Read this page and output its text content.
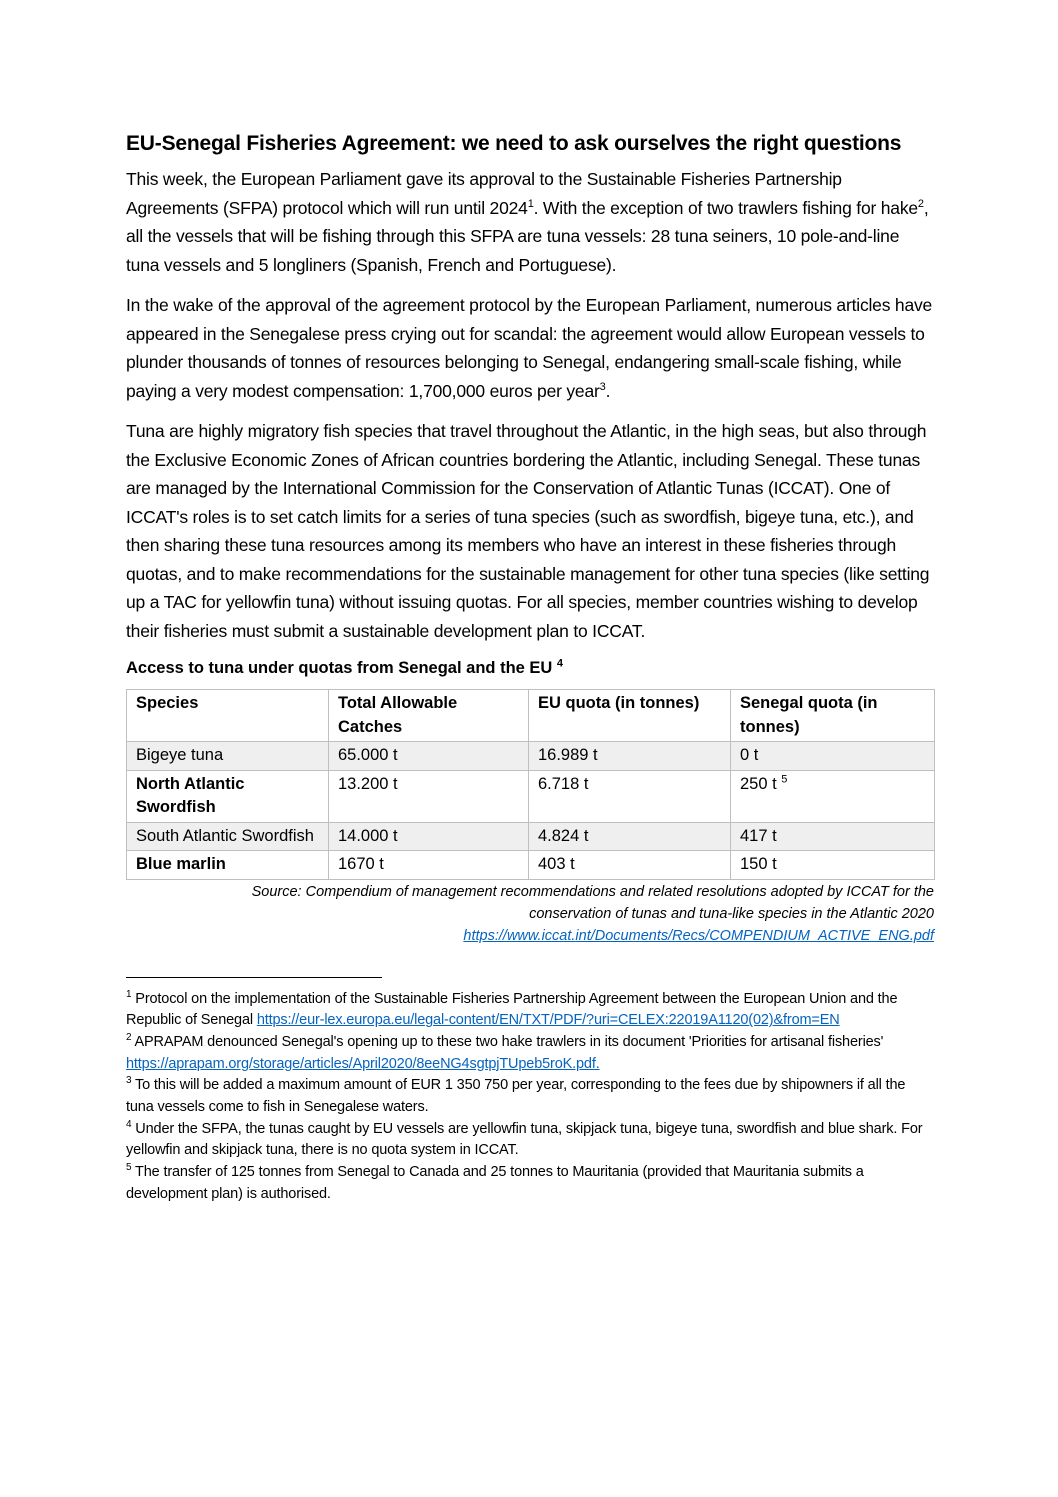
EU-Senegal Fisheries Agreement: we need to ask ourselves the right questions

This week, the European Parliament gave its approval to the Sustainable Fisheries Partnership Agreements (SFPA) protocol which will run until 2024$^1$. With the exception of two trawlers fishing for hake$^2$, all the vessels that will be fishing through this SFPA are tuna vessels: 28 tuna seiners, 10 pole-and-line tuna vessels and 5 longliners (Spanish, French and Portuguese).

In the wake of the approval of the agreement protocol by the European Parliament, numerous articles have appeared in the Senegalese press crying out for scandal: the agreement would allow European vessels to plunder thousands of tonnes of resources belonging to Senegal, endangering small-scale fishing, while paying a very modest compensation: 1,700,000 euros per year$^3$.

Tuna are highly migratory fish species that travel throughout the Atlantic, in the high seas, but also through the Exclusive Economic Zones of African countries bordering the Atlantic, including Senegal. These tunas are managed by the International Commission for the Conservation of Atlantic Tunas (ICCAT). One of ICCAT's roles is to set catch limits for a series of tuna species (such as swordfish, bigeye tuna, etc.), and then sharing these tuna resources among its members who have an interest in these fisheries through quotas, and to make recommendations for the sustainable management for other tuna species (like setting up a TAC for yellowfin tuna) without issuing quotas. For all species, member countries wishing to develop their fisheries must submit a sustainable development plan to ICCAT.

Access to tuna under quotas from Senegal and the EU $^4$
Species	Total Allowable Catches	EU quota (in tonnes)	Senegal quota (in tonnes)
Bigeye tuna	65.000 t	16.989 t	0 t
North Atlantic Swordfish	13.200 t	6.718 t	250 t $^5$
South Atlantic Swordfish	14.000 t	4.824 t	417 t
Blue marlin	1670 t	403 t	150 t
Source: Compendium of management recommendations and related resolutions adopted by ICCAT for the
conservation of tunas and tuna-like species in the Atlantic 2020
https://www.iccat.int/Documents/Recs/COMPENDIUM_ACTIVE_ENG.pdf
$^1$ Protocol on the implementation of the Sustainable Fisheries Partnership Agreement between the European Union and the Republic of Senegal https://eur-lex.europa.eu/legal-content/EN/TXT/PDF/?uri=CELEX:22019A1120(02)&from=EN
$^2$ APRAPAM denounced Senegal's opening up to these two hake trawlers in its document 'Priorities for artisanal fisheries' https://aprapam.org/storage/articles/April2020/8eeNG4sgtpjTUpeb5roK.pdf.
$^3$ To this will be added a maximum amount of EUR 1 350 750 per year, corresponding to the fees due by shipowners if all the tuna vessels come to fish in Senegalese waters.
$^4$ Under the SFPA, the tunas caught by EU vessels are yellowfin tuna, skipjack tuna, bigeye tuna, swordfish and blue shark. For yellowfin and skipjack tuna, there is no quota system in ICCAT.
$^5$ The transfer of 125 tonnes from Senegal to Canada and 25 tonnes to Mauritania (provided that Mauritania submits a development plan) is authorised.
